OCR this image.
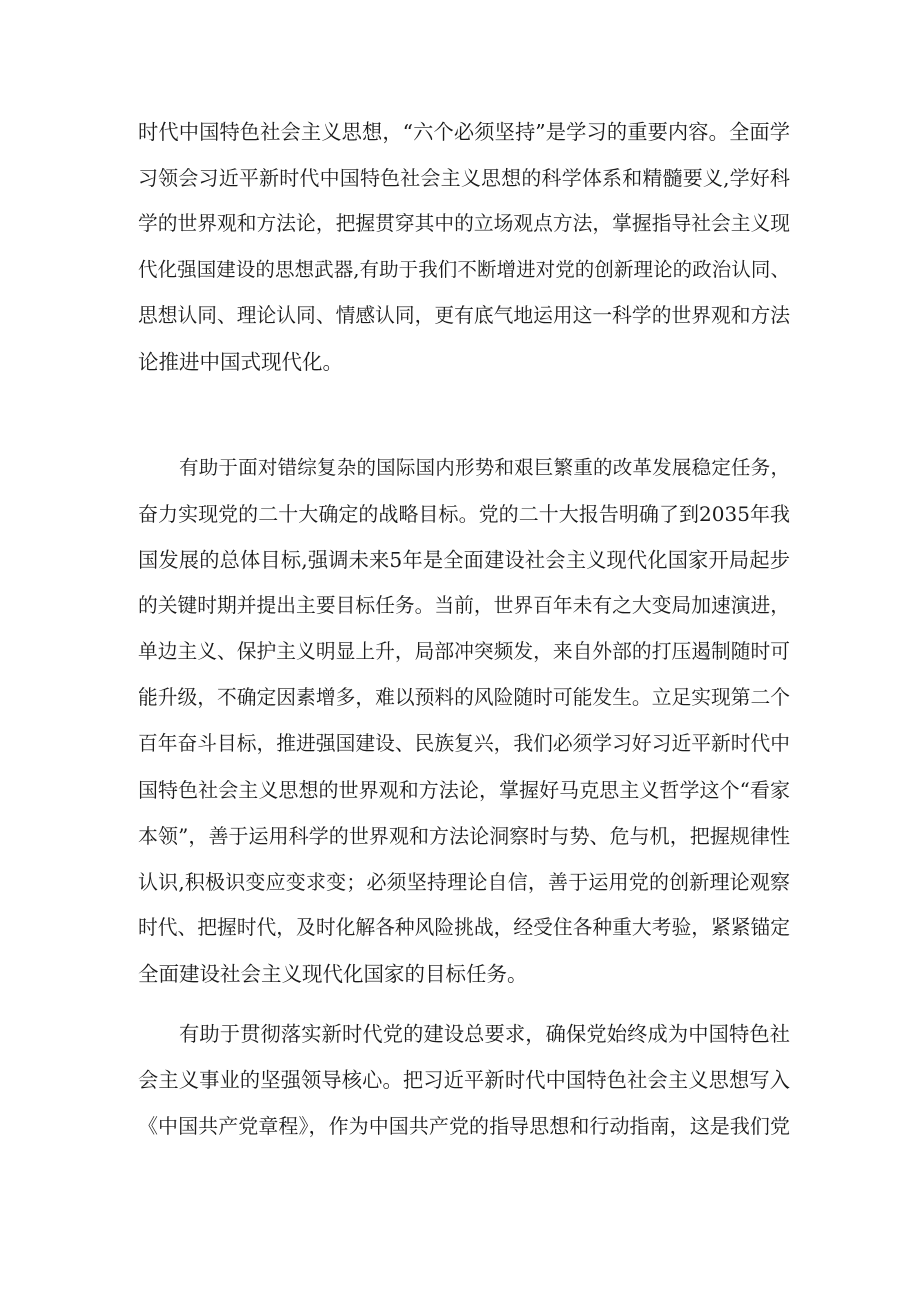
时代中国特色社会主义思想，“六个必须坚持”是学习的重要内容。全面学
习领会习近平新时代中国特色社会主义思想的科学体系和精髓要义,学好科
学的世界观和方法论，把握贯穿其中的立场观点方法，掌握指导社会主义现
代化强国建设的思想武器,有助于我们不断增进对党的创新理论的政治认同、
思想认同、理论认同、情感认同，更有底气地运用这一科学的世界观和方法
论推进中国式现代化。
有助于面对错综复杂的国际国内形势和艰巨繁重的改革发展稳定任务，
奋力实现党的二十大确定的战略目标。党的二十大报告明确了到2035年我
国发展的总体目标,强调未来5年是全面建设社会主义现代化国家开局起步
的关键时期并提出主要目标任务。当前，世界百年未有之大变局加速演进，
单边主义、保护主义明显上升，局部冲突频发，来自外部的打压遏制随时可
能升级，不确定因素增多，难以预料的风险随时可能发生。立足实现第二个
百年奋斗目标，推进强国建设、民族复兴，我们必须学习好习近平新时代中
国特色社会主义思想的世界观和方法论，掌握好马克思主义哲学这个“看家
本领”，善于运用科学的世界观和方法论洞察时与势、危与机，把握规律性
认识,积极识变应变求变；必须坚持理论自信，善于运用党的创新理论观察
时代、把握时代，及时化解各种风险挑战，经受住各种重大考验，紧紧锚定
全面建设社会主义现代化国家的目标任务。
有助于贯彻落实新时代党的建设总要求，确保党始终成为中国特色社
会主义事业的坚强领导核心。把习近平新时代中国特色社会主义思想写入
《中国共产党章程》，作为中国共产党的指导思想和行动指南，这是我们党
